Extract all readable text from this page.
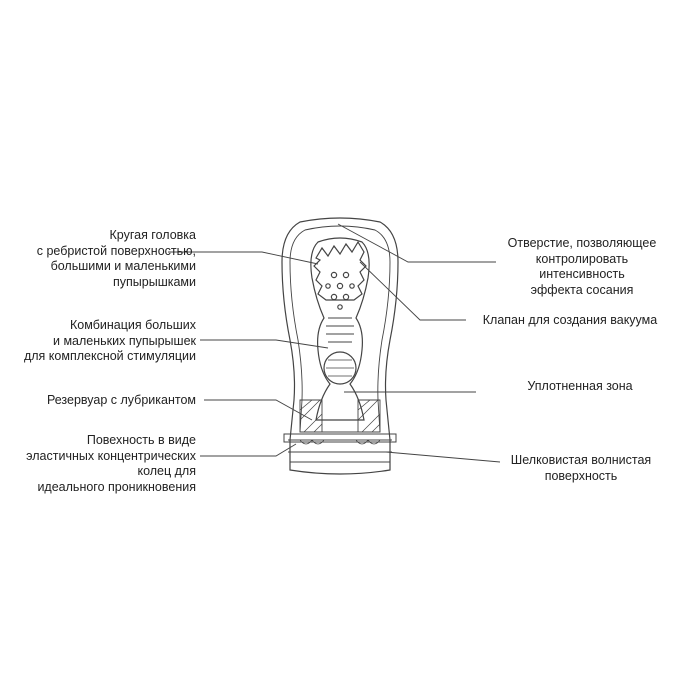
Кругая головка
с ребристой поверхностью,
большими и маленькими
пупырышками
Комбинация больших
и маленьких пупырышек
для комплексной стимуляции
Резервуар с лубрикантом
Повехность в виде
эластичных концентрических
колец для
идеального проникновения
Отверстие, позволяющее
контролировать интенсивность
эффекта сосания
Клапан для создания вакуума
Уплотненная зона
Шелковистая волнистая
поверхность
